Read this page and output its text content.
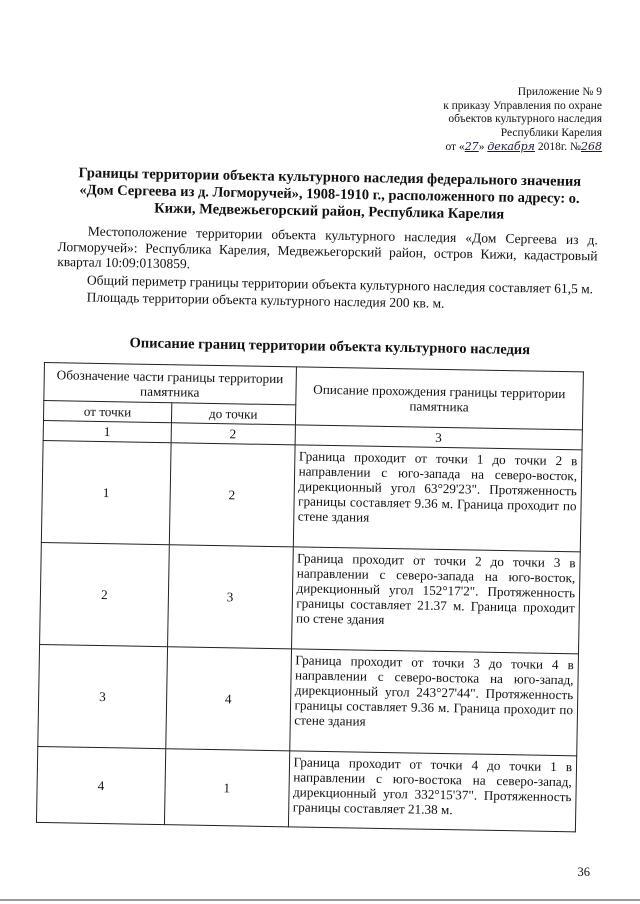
Приложение № 9
к приказу Управления по охране
объектов культурного наследия
Республики Карелия
от «27» декабря 2018г. №268
Границы территории объекта культурного наследия федерального значения «Дом Сергеева из д. Логморучей», 1908-1910 г., расположенного по адресу: о. Кижи, Медвежьегорский район, Республика Карелия

Местоположение территории объекта культурного наследия «Дом Сергеева из д. Логморучей»: Республика Карелия, Медвежьегорский район, остров Кижи, кадастровый квартал 10:09:0130859.

Общий периметр границы территории объекта культурного наследия составляет 61,5 м.

Площадь территории объекта культурного наследия 200 кв. м.

Описание границ территории объекта культурного наследия
Обозначение части границы территории памятника		Описание прохождения границы территории памятника
от точки	до точки	
1	2	3
1	2	Граница проходит от точки 1 до точки 2 в направлении с юго-запада на северо-восток, дирекционный угол 63°29'23". Протяженность границы составляет 9.36 м. Граница проходит по стене здания
2	3	Граница проходит от точки 2 до точки 3 в направлении с северо-запада на юго-восток, дирекционный угол 152°17'2". Протяженность границы составляет 21.37 м. Граница проходит по стене здания
3	4	Граница проходит от точки 3 до точки 4 в направлении с северо-востока на юго-запад, дирекционный угол 243°27'44". Протяженность границы составляет 9.36 м. Граница проходит по стене здания
4	1	Граница проходит от точки 4 до точки 1 в направлении с юго-востока на северо-запад, дирекционный угол 332°15'37". Протяженность границы составляет 21.38 м.
36
